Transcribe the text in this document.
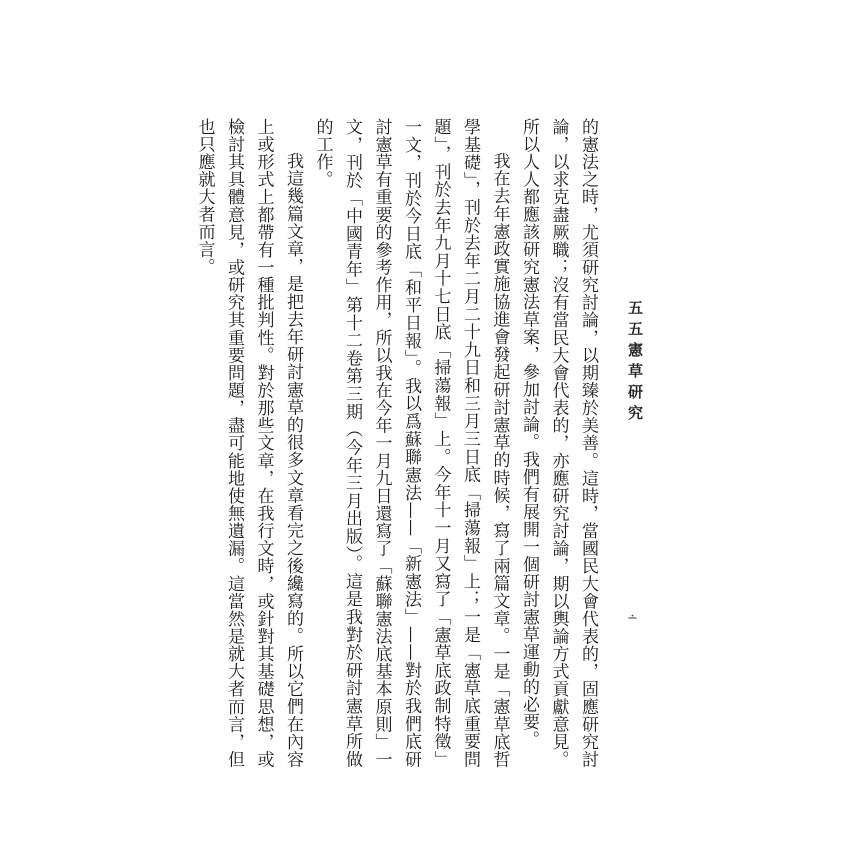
五五憲草研究
∸

的憲法之時，尤須研究討論，以期臻於美善。這時，當國民大會代表的，固應研究討論，以求克盡厥職；沒有當民大會代表的，亦應研究討論，期以輿論方式貢獻意見。所以人人都應該研究憲法草案，參加討論。我們有展開一個研討憲草運動的必要。

我在去年憲政實施協進會發起研討憲草的時候，寫了兩篇文章。一是「憲草底哲學基礎」，刊於去年二月二十九日和三月三日底「掃蕩報」上；一是「憲草底重要問題」，刊於去年九月十七日底「掃蕩報」上。今年十一月又寫了「憲草底政制特徵」一文，刊於今日底「和平日報」。我以爲蘇聯憲法——「新憲法」——對於我們底研討憲草有重要的參考作用，所以我在今年一月九日還寫了「蘇聯憲法底基本原則」一文，刊於「中國青年」第十二卷第三期（今年三月出版）。這是我對於研討憲草所做的工作。

我這幾篇文章，是把去年研討憲草的很多文章看完之後纔寫的。所以它們在內容上或形式上都帶有一種批判性。對於那些文章，在我行文時，或針對其基礎思想，或檢討其具體意見，或研究其重要問題，盡可能地使無遺漏。這當然是就大者而言，但也只應就大者而言。
